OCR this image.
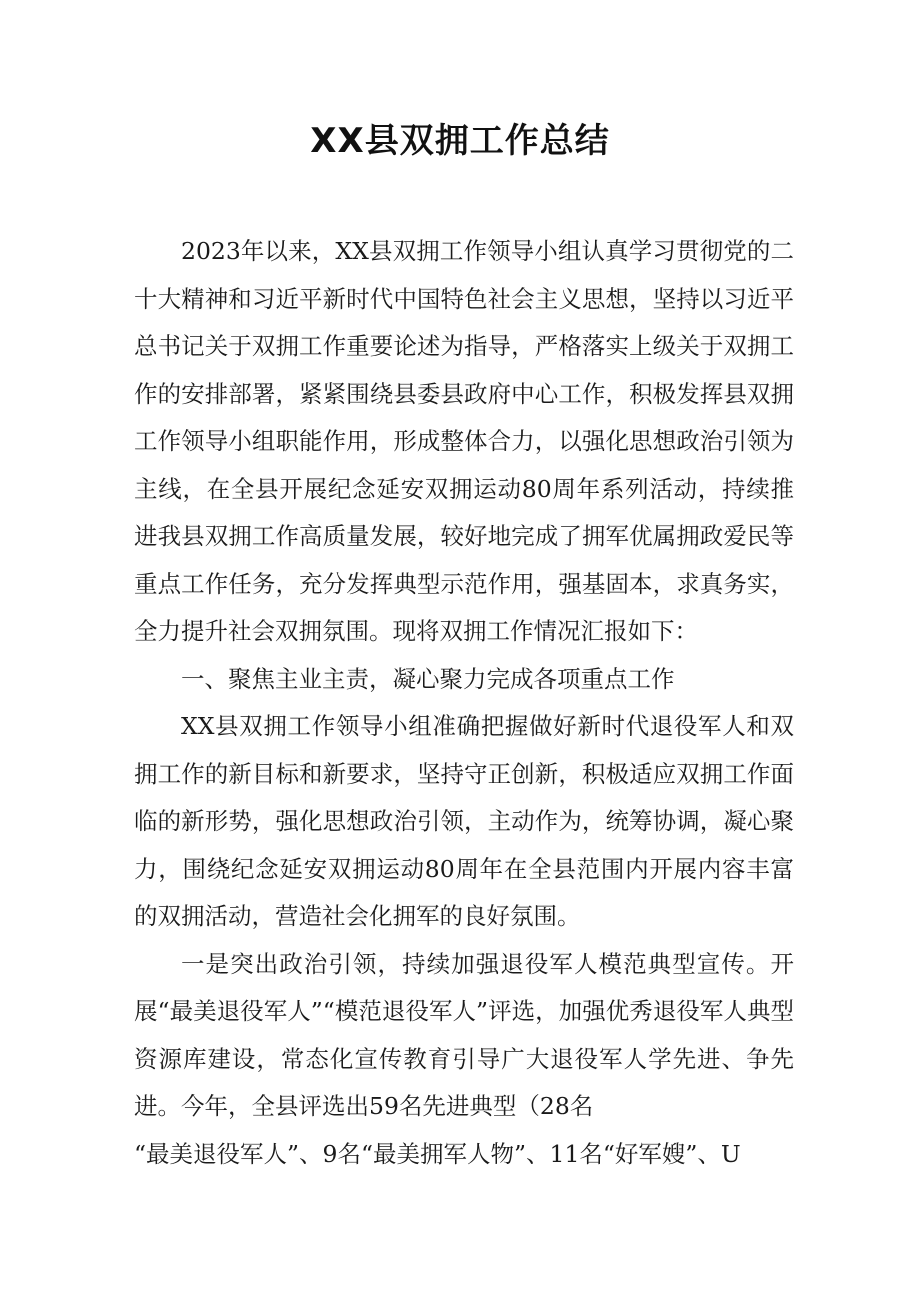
XX县双拥工作总结

2023年以来，XX县双拥工作领导小组认真学习贯彻党的二十大精神和习近平新时代中国特色社会主义思想，坚持以习近平总书记关于双拥工作重要论述为指导，严格落实上级关于双拥工作的安排部署，紧紧围绕县委县政府中心工作，积极发挥县双拥工作领导小组职能作用，形成整体合力，以强化思想政治引领为主线，在全县开展纪念延安双拥运动80周年系列活动，持续推进我县双拥工作高质量发展，较好地完成了拥军优属拥政爱民等重点工作任务，充分发挥典型示范作用，强基固本，求真务实，全力提升社会双拥氛围。现将双拥工作情况汇报如下：

一、聚焦主业主责，凝心聚力完成各项重点工作

XX县双拥工作领导小组准确把握做好新时代退役军人和双拥工作的新目标和新要求，坚持守正创新，积极适应双拥工作面临的新形势，强化思想政治引领，主动作为，统筹协调，凝心聚力，围绕纪念延安双拥运动80周年在全县范围内开展内容丰富的双拥活动，营造社会化拥军的良好氛围。

一是突出政治引领，持续加强退役军人模范典型宣传。开展“最美退役军人”“模范退役军人”评选，加强优秀退役军人典型资源库建设，常态化宣传教育引导广大退役军人学先进、争先进。今年，全县评选出59名先进典型（28名

“最美退役军人”、9名“最美拥军人物”、11名“好军嫂”、U
